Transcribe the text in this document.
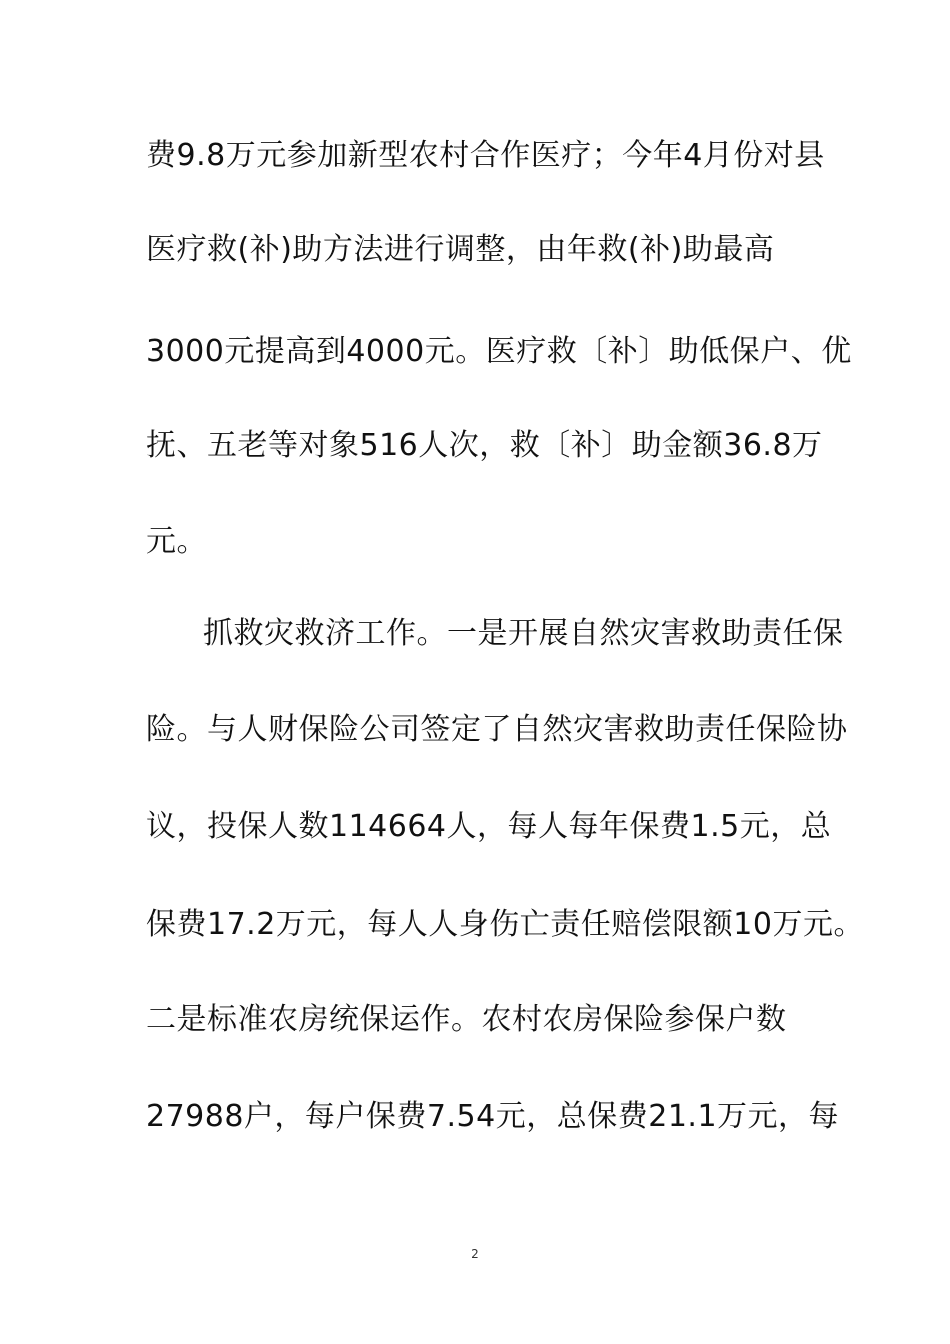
费9.8万元参加新型农村合作医疗；今年4月份对县
医疗救(补)助方法进行调整，由年救(补)助最高
3000元提高到4000元。医疗救〔补〕助低保户、优
抚、五老等对象516人次，救〔补〕助金额36.8万
元。
抓救灾救济工作。一是开展自然灾害救助责任保
险。与人财保险公司签定了自然灾害救助责任保险协
议，投保人数114664人，每人每年保费1.5元，总
保费17.2万元，每人人身伤亡责任赔偿限额10万元。
二是标准农房统保运作。农村农房保险参保户数
27988户，每户保费7.54元，总保费21.1万元，每
2
